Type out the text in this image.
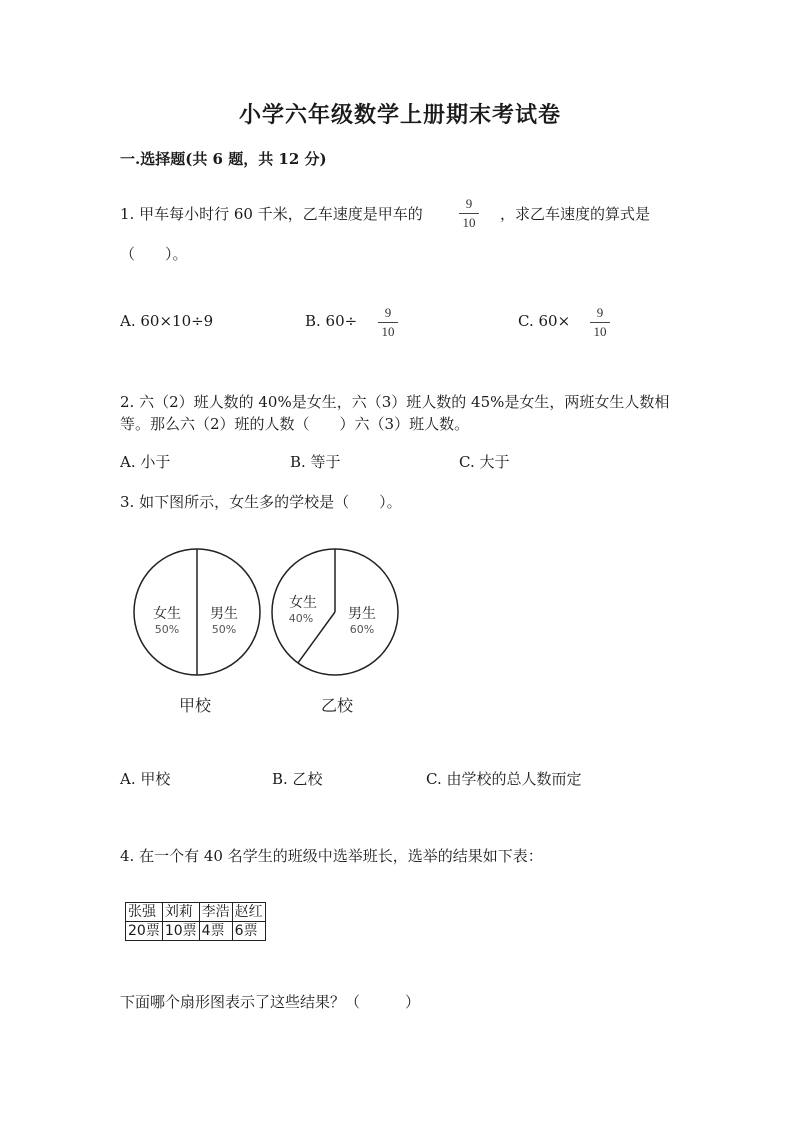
小学六年级数学上册期末考试卷
一.选择题(共 6 题，共 12 分)
1. 甲车每小时行 60 千米，乙车速度是甲车的
9
10	，求乙车速度的算式是
（　　）。
A. 60×10÷9	B. 60÷	9
10
C. 60×	9
10
2. 六（2）班人数的 40%是女生，六（3）班人数的 45%是女生，两班女生人数相
等。那么六（2）班的人数（　　）六（3）班人数。
A. 小于	B. 等于	C. 大于
3. 如下图所示，女生多的学校是（　　）。
女生
50%
男生
50%
甲校
女生
40% 男生
60%
乙校
A. 甲校	B. 乙校	C. 由学校的总人数而定
4. 在一个有 40 名学生的班级中选举班长，选举的结果如下表：
张强	刘莉	李浩	赵红
20票	10票	4票	6票
下面哪个扇形图表示了这些结果？（　　　）
